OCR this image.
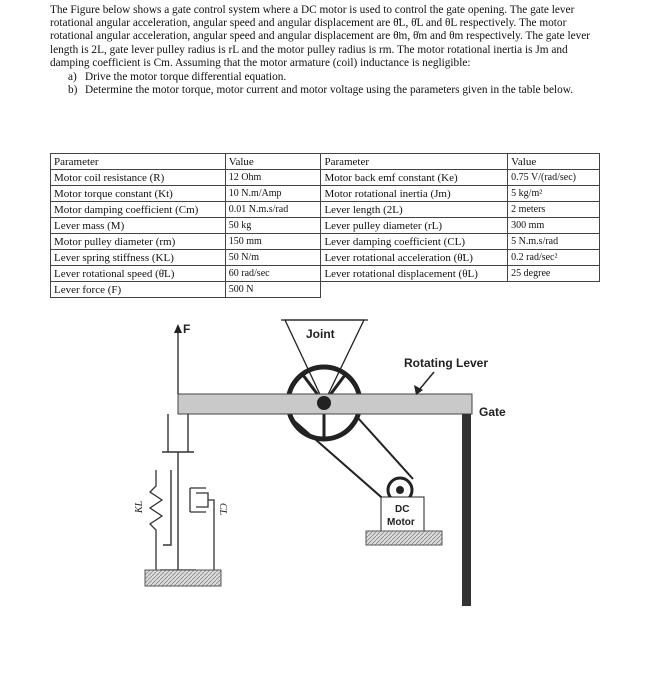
The Figure below shows a gate control system where a DC motor is used to control the gate opening. The gate lever rotational angular acceleration, angular speed and angular displacement are θ̈L, θ̇L and θL respectively. The motor rotational angular acceleration, angular speed and angular displacement are θ̈m, θ̇m and θm respectively. The gate lever length is 2L, gate lever pulley radius is rL and the motor pulley radius is rm. The motor rotational inertia is Jm and damping coefficient is Cm. Assuming that the motor armature (coil) inductance is negligible:

a) Drive the motor torque differential equation.
b) Determine the motor torque, motor current and motor voltage using the parameters given in the table below.
Parameter	Value	Parameter	Value
Motor coil resistance (R)	12 Ohm	Motor back emf constant (Ke)	0.75 V/(rad/sec)
Motor torque constant (Kt)	10 N.m/Amp	Motor rotational inertia (Jm)	5 kg/m²
Motor damping coefficient (Cm)	0.01 N.m.s/rad	Lever length (2L)	2 meters
Lever mass (M)	50 kg	Lever pulley diameter (rL)	300 mm
Motor pulley diameter (rm)	150 mm	Lever damping coefficient (CL)	5 N.m.s/rad
Lever spring stiffness (KL)	50 N/m	Lever rotational acceleration (θ̈L)	0.2 rad/sec²
Lever rotational speed (θ̇L)	60 rad/sec	Lever rotational displacement (θL)	25 degree
Lever force (F)	500 N		
Joint
Gate
Rotating Lever
F
KL	CL	DC
Motor
